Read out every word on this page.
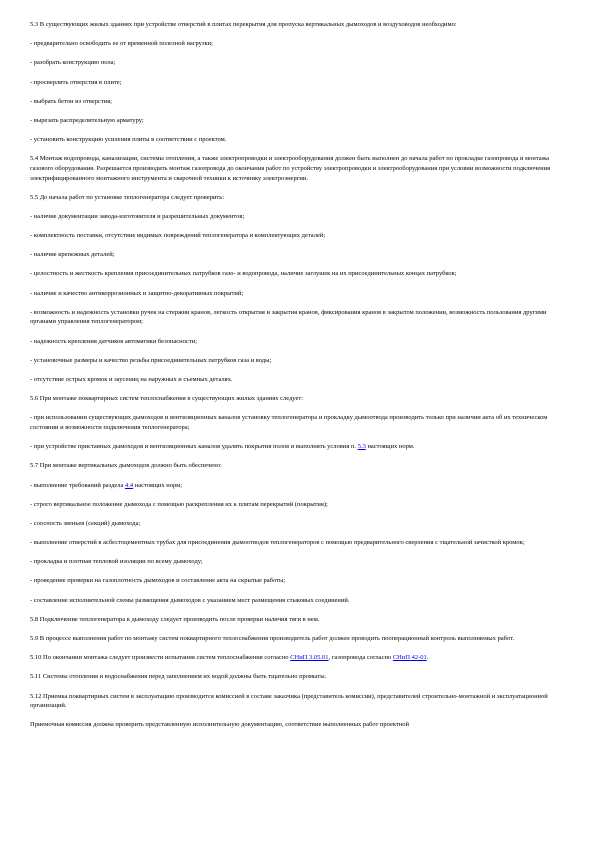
5.3 В существующих жилых зданиях при устройстве отверстий в плитах перекрытия для пропуска вертикальных дымоходов и воздуховодов необходимо:

- предварительно освободить ее от временной полезной нагрузки;

- разобрать конструкцию пола;

- просверлить отверстия в плите;

- выбрать бетон из отверстия;

- вырезать распределительную арматуру;

- установить конструкцию усиления плиты в соответствии с проектом.

5.4 Монтаж водопровода, канализации, системы отопления, а также электропроводки и электрооборудования должен быть выполнен до начала работ по прокладке газопровода и монтажа газового оборудования. Разрешается производить монтаж газопровода до окончания работ по устройству электропроводки и электрооборудования при условии возможности подключения электрифицированного монтажного инструмента и сварочной техники к источнику электроэнергии.

5.5 До начала работ по установке теплогенератора следует проверить:

- наличие документации завода-изготовителя и разрешительных документов;

- комплектность поставки, отсутствие видимых повреждений теплогенератора и комплектующих деталей;

- наличие крепежных деталей;

- целостность и жесткость крепления присоединительных патрубков газо- и водопровода, наличие заглушек на их присоединительных концах патрубков;

- наличие и качество антикоррозионных и защитно-декоративных покрытий;

- возможность и надежность установки ручек на стержни кранов, легкость открытия и закрытия кранов, фиксирования кранов в закрытом положении, возможность пользования другими органами управления теплогенератором;

- надежность крепления датчиков автоматики безопасности;

- установочные размеры и качество резьбы присоединительных патрубков газа и воды;

- отсутствие острых кромок и заусениц на наружных и съемных деталях.

5.6 При монтаже поквартирных систем теплоснабжения в существующих жилых зданиях следует:

- при использовании существующих дымоходов и вентиляционных каналов установку теплогенератора и прокладку дымоотвода производить только при наличии акта об их техническом состоянии и возможности подключения теплогенератора;

- при устройстве приставных дымоходов и вентиляционных каналов удалять покрытия полов и выполнять условия п. 5.3 настоящих норм.

5.7 При монтаже вертикальных дымоходов должно быть обеспечено:

- выполнение требований раздела 4.4 настоящих норм;

- строго вертикальное положение дымохода с помощью раскрепления их к плитам перекрытий (покрытия);

- соосность звеньев (секций) дымохода;

- выполнение отверстий в асбестоцементных трубах для присоединения дымоотводов теплогенераторов с помощью предварительного сверления с тщательной зачисткой кромок;

- прокладка и плотная тепловой изоляции по всему дымоходу;

- проведение проверки на газоплотность дымоходов и составление акта на скрытые работы;

- составление исполнительной схемы размещения дымоходов с указанием мест размещения стыковых соединений.

5.8 Подключение теплогенератора к дымоходу следует производить после проверки наличия тяги в нем.

5.9 В процессе выполнения работ по монтажу систем поквартирного теплоснабжения производитель работ должен проводить пооперационный контроль выполняемых работ.

5.10 По окончании монтажа следует произвести испытания систем теплоснабжения согласно СНиП 3.05.01, газопровода согласно СНиП 42-01.

5.11 Системы отопления и водоснабжения перед заполнением их водой должны быть тщательно промыты.

5.12 Приемка поквартирных систем в эксплуатацию производится комиссией в составе заказчика (представитель комиссии), представителей строительно-монтажной и эксплуатационной организаций.

Приемочная комиссия должна проверить представленную исполнительную документацию, соответствие выполненных работ проектной
